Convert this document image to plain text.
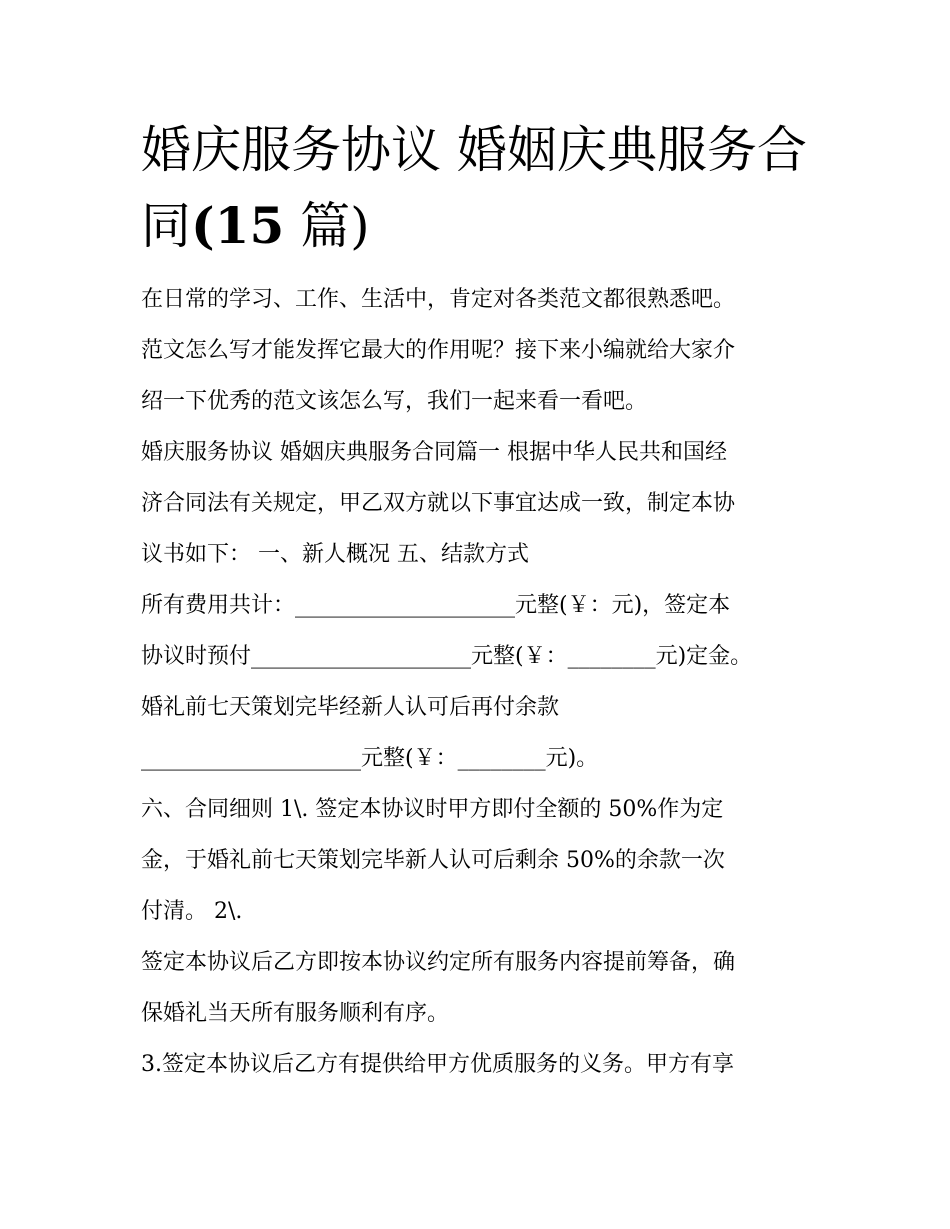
婚庆服务协议 婚姻庆典服务合
同(15 篇)
在日常的学习、工作、生活中，肯定对各类范文都很熟悉吧。
范文怎么写才能发挥它最大的作用呢？接下来小编就给大家介
绍一下优秀的范文该怎么写，我们一起来看一看吧。
婚庆服务协议 婚姻庆典服务合同篇一 根据中华人民共和国经
济合同法有关规定，甲乙双方就以下事宜达成一致，制定本协
议书如下： 一、新人概况 五、结款方式
所有费用共计：____________________元整(￥：元)，签定本
协议时预付____________________元整(￥：________元)定金。
婚礼前七天策划完毕经新人认可后再付余款
____________________元整(￥：________元)。
六、合同细则 1\. 签定本协议时甲方即付全额的 50%作为定
金，于婚礼前七天策划完毕新人认可后剩余 50%的余款一次
付清。 2\.
签定本协议后乙方即按本协议约定所有服务内容提前筹备，确
保婚礼当天所有服务顺利有序。
3.签定本协议后乙方有提供给甲方优质服务的义务。甲方有享
